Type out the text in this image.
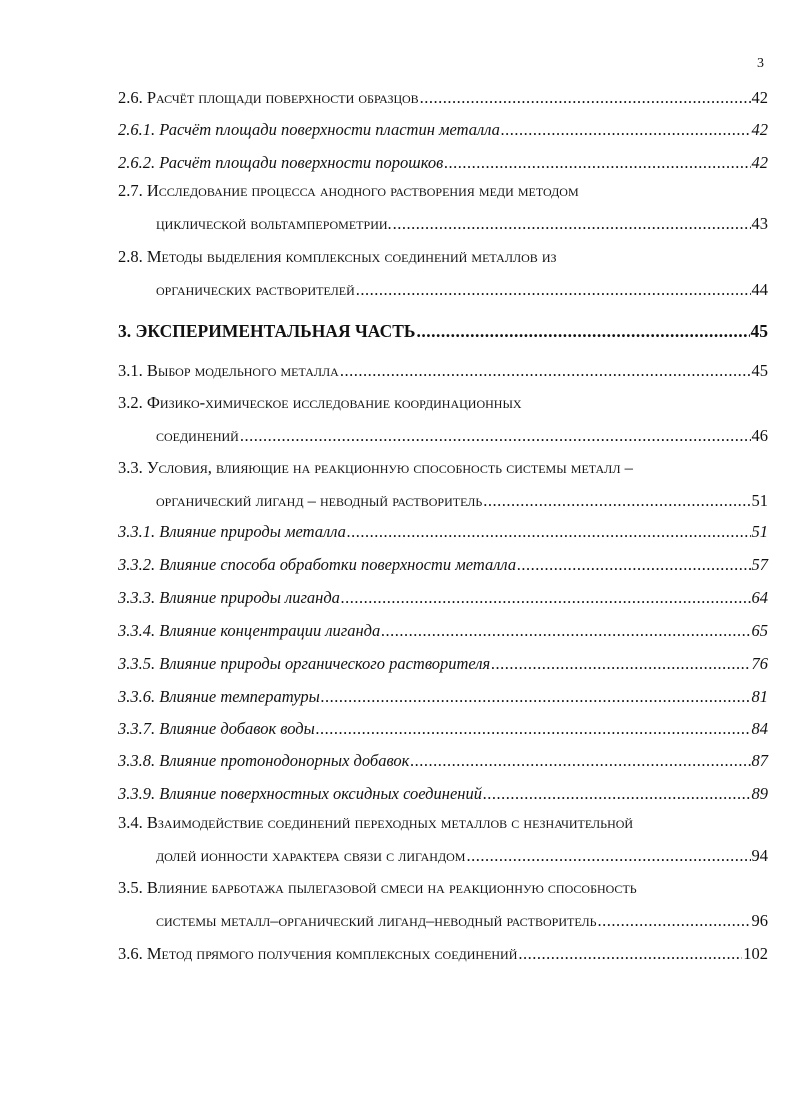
3
2.6. Расчёт площади поверхности образцов .....	42
2.6.1. Расчёт площади поверхности пластин металла .....	42
2.6.2. Расчёт площади поверхности порошков .....	42
2.7. Исследование процесса анодного растворения меди методом
циклической вольтамперометрии. .....	43
2.8. Методы выделения комплексных соединений металлов из
органических растворителей .....	44
3. ЭКСПЕРИМЕНТАЛЬНАЯ ЧАСТЬ .....	45
3.1. Выбор модельного металла .....	45
3.2. Физико-химическое исследование координационных
соединений .....	46
3.3. Условия, влияющие на реакционную способность системы металл –
органический лиганд – неводный растворитель .....	51
3.3.1. Влияние природы металла .....	51
3.3.2. Влияние способа обработки поверхности металла .....	57
3.3.3. Влияние природы лиганда .....	64
3.3.4. Влияние концентрации лиганда .....	65
3.3.5. Влияние природы органического растворителя .....	76
3.3.6. Влияние температуры .....	81
3.3.7. Влияние добавок воды .....	84
3.3.8. Влияние протонодонорных добавок .....	87
3.3.9. Влияние поверхностных оксидных соединений .....	89
3.4. Взаимодействие соединений переходных металлов с незначительной
долей ионности характера связи с лигандом .....	94
3.5. Влияние барботажа пылегазовой смеси на реакционную способность
системы металл–органический лиганд–неводный растворитель .....	96
3.6. Метод прямого получения комплексных соединений .....	102
